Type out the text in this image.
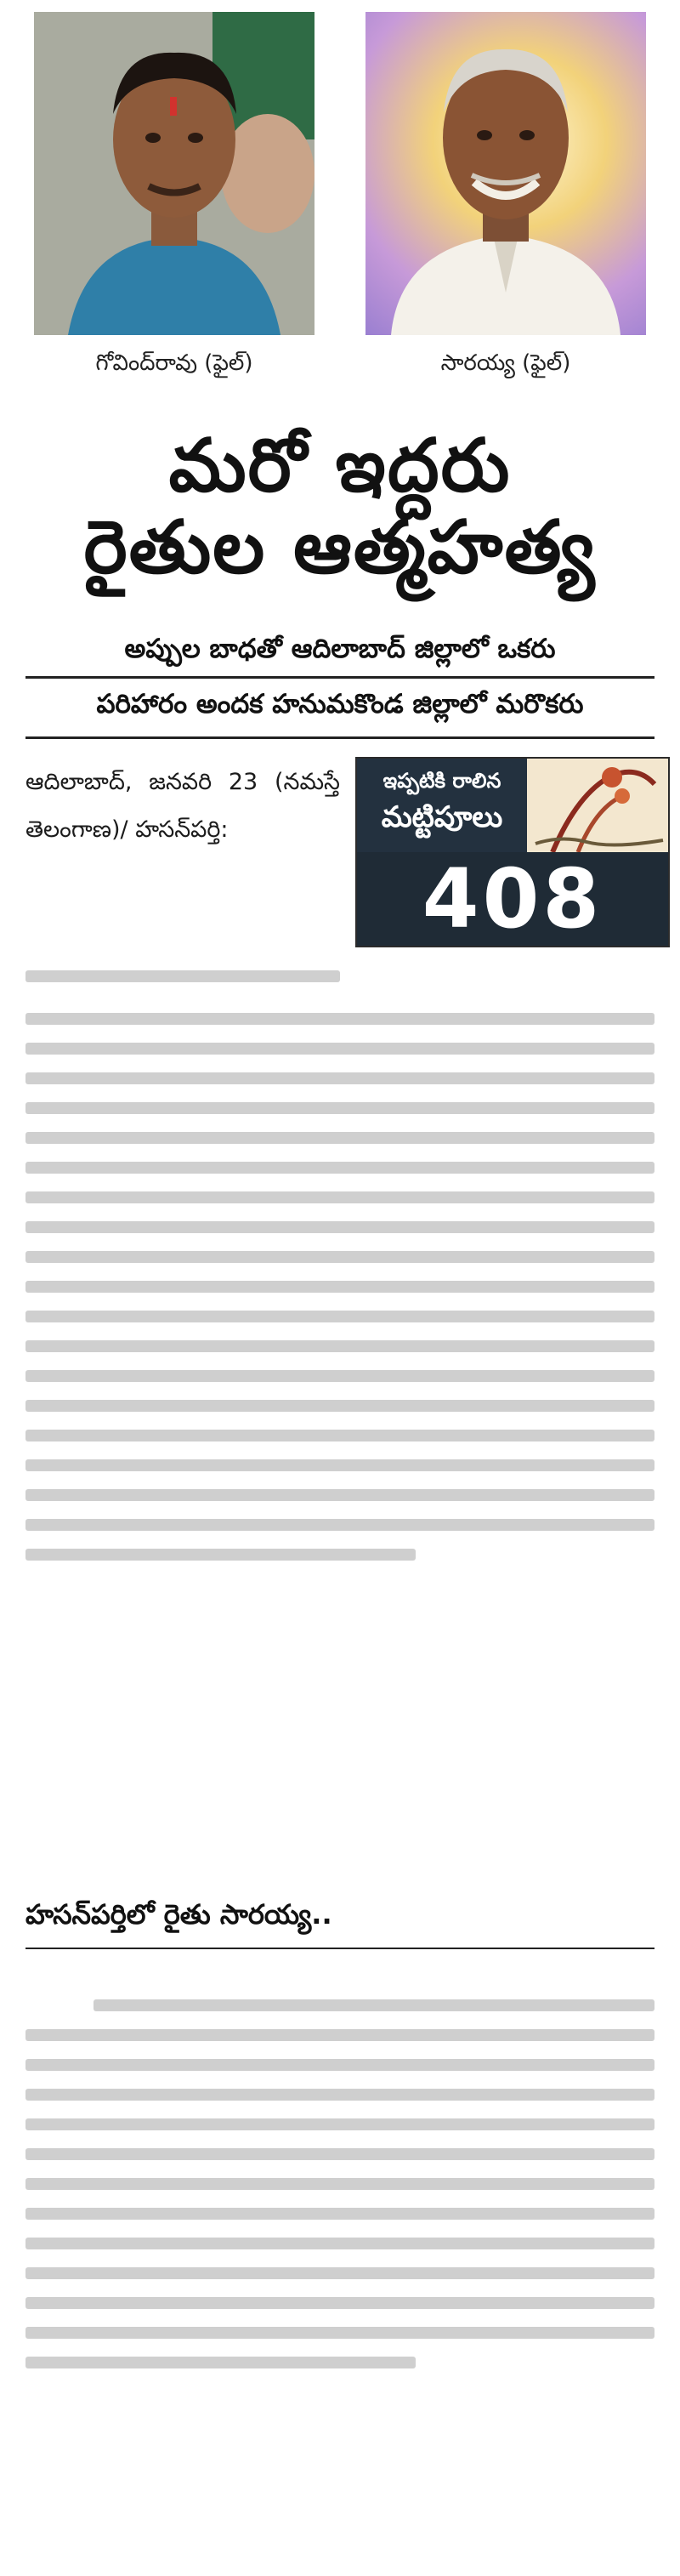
గోవింద్‌రావు (ఫైల్‌)	సారయ్య (ఫైల్‌)
మరో ఇద్దరు
రైతుల ఆత్మహత్య
అప్పుల బాధతో ఆదిలాబాద్‌ జిల్లాలో ఒకరు
పరిహారం అందక హనుమకొండ జిల్లాలో మరొకరు
ఇప్పటికి రాలిన
మట్టిపూలు
408
ఆదిలాబాద్‌, జనవరి 23 (నమస్తే తెలంగాణ)/ హసన్‌పర్తి:
హసన్‌పర్తిలో రైతు సారయ్య..
